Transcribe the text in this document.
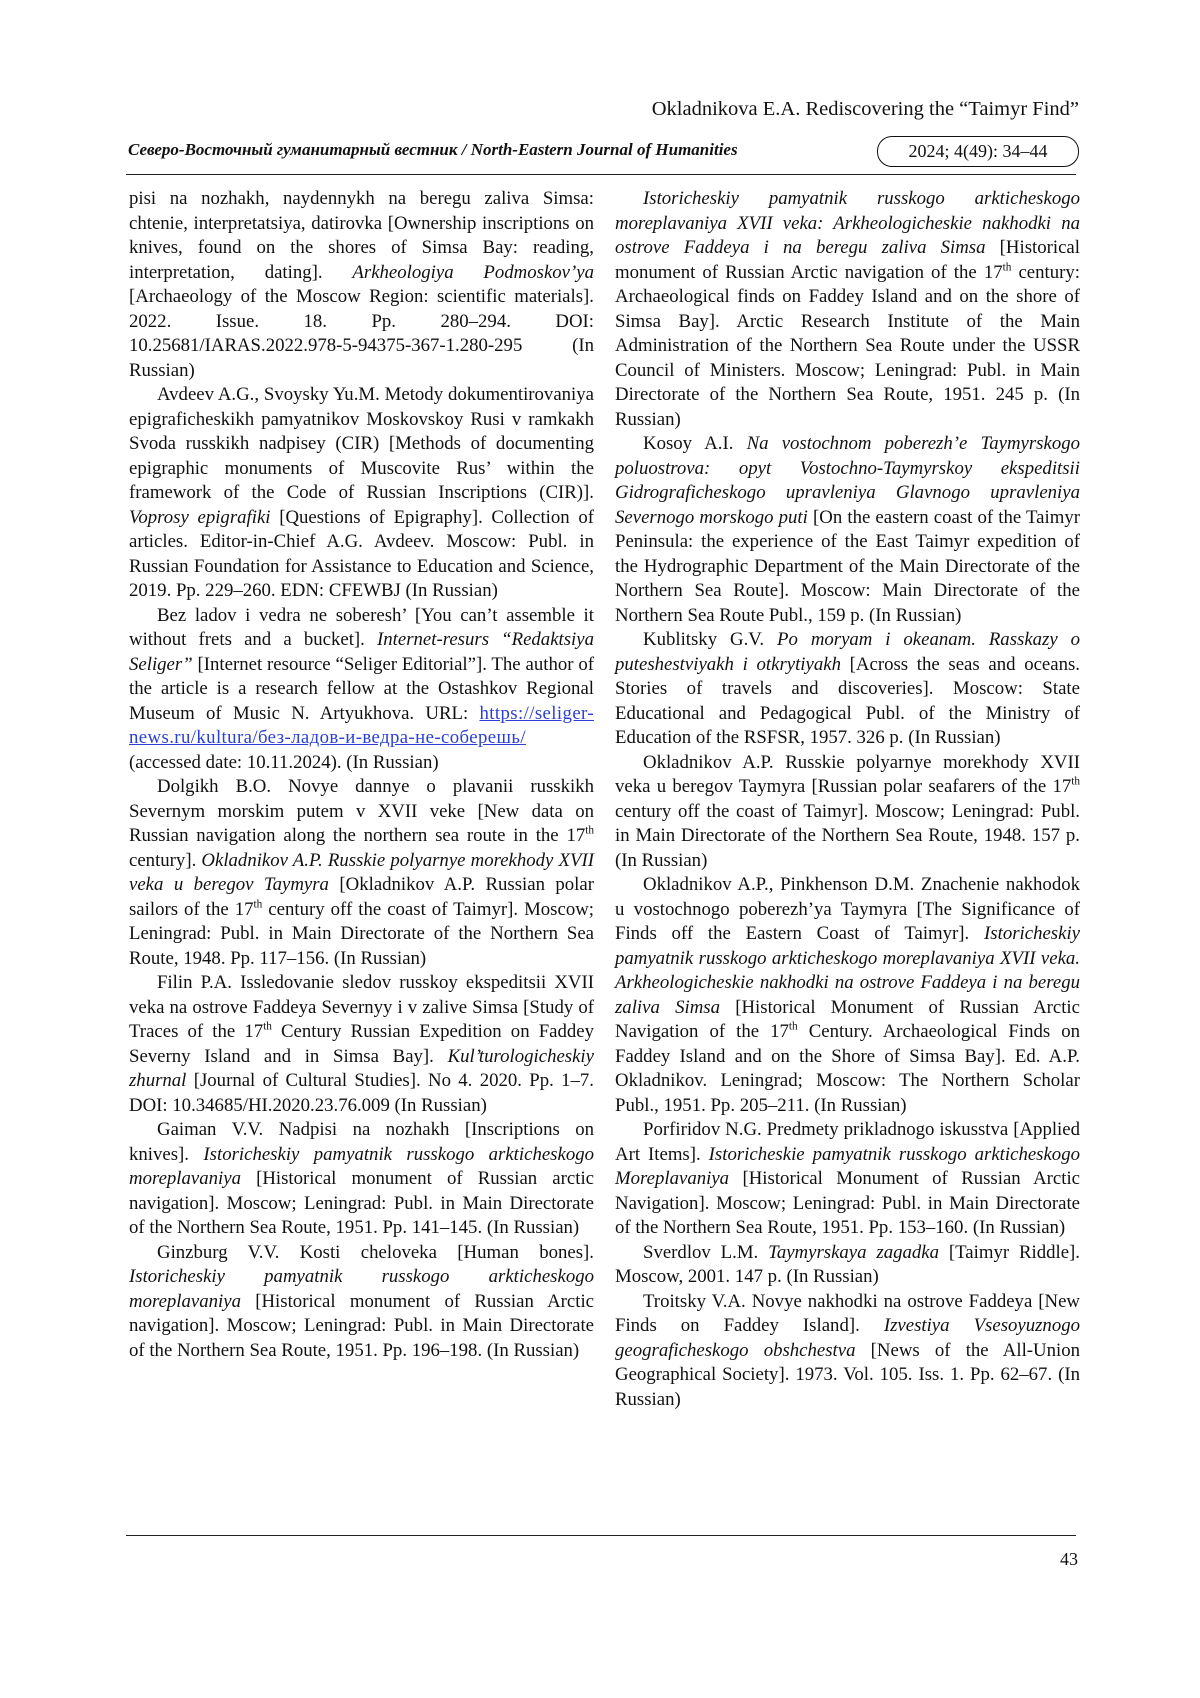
Okladnikova E.A. Rediscovering the “Taimyr Find”

Северо-Восточный гуманитарный вестник / North-Eastern Journal of Humanities	2024; 4(49): 34–44

pisi na nozhakh, naydennykh na beregu zaliva Simsa: chtenie, interpretatsiya, datirovka [Ownership inscriptions on knives, found on the shores of Simsa Bay: reading, interpretation, dating]. Arkheologiya Podmoskov’ya [Archaeology of the Moscow Region: scientific materials]. 2022. Issue. 18. Pp. 280–294. DOI: 10.25681/IARAS.2022.978-5-94375-367-1.280-295 (In Russian)

Avdeev A.G., Svoysky Yu.M. Metody dokumentirovaniya epigraficheskikh pamyatnikov Moskovskoy Rusi v ramkakh Svoda russkikh nadpisey (CIR) [Methods of documenting epigraphic monuments of Muscovite Rus’ within the framework of the Code of Russian Inscriptions (CIR)]. Voprosy epigrafiki [Questions of Epigraphy]. Collection of articles. Editor-in-Chief A.G. Avdeev. Moscow: Publ. in Russian Foundation for Assistance to Education and Science, 2019. Pp. 229–260. EDN: CFEWBJ (In Russian)

Bez ladov i vedra ne soberesh’ [You can’t assemble it without frets and a bucket]. Internet-resurs “Redaktsiya Seliger” [Internet resource “Seliger Editorial”]. The author of the article is a research fellow at the Ostashkov Regional Museum of Music N. Artyukhova. URL: https://seliger-news.ru/kultura/без-ладов-и-ведра-не-соберешь/ (accessed date: 10.11.2024). (In Russian)

Dolgikh B.O. Novye dannye o plavanii russkikh Severnym morskim putem v XVII veke [New data on Russian navigation along the northern sea route in the 17th century]. Okladnikov A.P. Russkie polyarnye morekhody XVII veka u beregov Taymyra [Okladnikov A.P. Russian polar sailors of the 17th century off the coast of Taimyr]. Moscow; Leningrad: Publ. in Main Directorate of the Northern Sea Route, 1948. Pp. 117–156. (In Russian)

Filin P.A. Issledovanie sledov russkoy ekspeditsii XVII veka na ostrove Faddeya Severnyy i v zalive Simsa [Study of Traces of the 17th Century Russian Expedition on Faddey Severny Island and in Simsa Bay]. Kul’turologicheskiy zhurnal [Journal of Cultural Studies]. No 4. 2020. Pp. 1–7. DOI: 10.34685/HI.2020.23.76.009 (In Russian)

Gaiman V.V. Nadpisi na nozhakh [Inscriptions on knives]. Istoricheskiy pamyatnik russkogo arkticheskogo moreplavaniya [Historical monument of Russian arctic navigation]. Moscow; Leningrad: Publ. in Main Directorate of the Northern Sea Route, 1951. Pp. 141–145. (In Russian)

Ginzburg V.V. Kosti cheloveka [Human bones]. Istoricheskiy pamyatnik russkogo arkticheskogo moreplavaniya [Historical monument of Russian Arctic navigation]. Moscow; Leningrad: Publ. in Main Directorate of the Northern Sea Route, 1951. Pp. 196–198. (In Russian)

Istoricheskiy pamyatnik russkogo arkticheskogo moreplavaniya XVII veka: Arkheologicheskie nakhodki na ostrove Faddeya i na beregu zaliva Simsa [Historical monument of Russian Arctic navigation of the 17th century: Archaeological finds on Faddey Island and on the shore of Simsa Bay]. Arctic Research Institute of the Main Administration of the Northern Sea Route under the USSR Council of Ministers. Moscow; Leningrad: Publ. in Main Directorate of the Northern Sea Route, 1951. 245 p. (In Russian)

Kosoy A.I. Na vostochnom poberezh’e Taymyrskogo poluostrova: opyt Vostochno-Taymyrskoy ekspeditsii Gidrograficheskogo upravleniya Glavnogo upravleniya Severnogo morskogo puti [On the eastern coast of the Taimyr Peninsula: the experience of the East Taimyr expedition of the Hydrographic Department of the Main Directorate of the Northern Sea Route]. Moscow: Main Directorate of the Northern Sea Route Publ., 159 p. (In Russian)

Kublitsky G.V. Po moryam i okeanam. Rasskazy o puteshestviyakh i otkrytiyakh [Across the seas and oceans. Stories of travels and discoveries]. Moscow: State Educational and Pedagogical Publ. of the Ministry of Education of the RSFSR, 1957. 326 p. (In Russian)

Okladnikov A.P. Russkie polyarnye morekhody XVII veka u beregov Taymyra [Russian polar seafarers of the 17th century off the coast of Taimyr]. Moscow; Leningrad: Publ. in Main Directorate of the Northern Sea Route, 1948. 157 p. (In Russian)

Okladnikov A.P., Pinkhenson D.M. Znachenie nakhodok u vostochnogo poberezh’ya Taymyra [The Significance of Finds off the Eastern Coast of Taimyr]. Istoricheskiy pamyatnik russkogo arkticheskogo moreplavaniya XVII veka. Arkheologicheskie nakhodki na ostrove Faddeya i na beregu zaliva Simsa [Historical Monument of Russian Arctic Navigation of the 17th Century. Archaeological Finds on Faddey Island and on the Shore of Simsa Bay]. Ed. A.P. Okladnikov. Leningrad; Moscow: The Northern Scholar Publ., 1951. Pp. 205–211. (In Russian)

Porfiridov N.G. Predmety prikladnogo iskusstva [Applied Art Items]. Istoricheskie pamyatnik russkogo arkticheskogo Moreplavaniya [Historical Monument of Russian Arctic Navigation]. Moscow; Leningrad: Publ. in Main Directorate of the Northern Sea Route, 1951. Pp. 153–160. (In Russian)

Sverdlov L.M. Taymyrskaya zagadka [Taimyr Riddle]. Moscow, 2001. 147 p. (In Russian)

Troitsky V.A. Novye nakhodki na ostrove Faddeya [New Finds on Faddey Island]. Izvestiya Vsesoyuznogo geograficheskogo obshchestva [News of the All-Union Geographical Society]. 1973. Vol. 105. Iss. 1. Pp. 62–67. (In Russian)

43
